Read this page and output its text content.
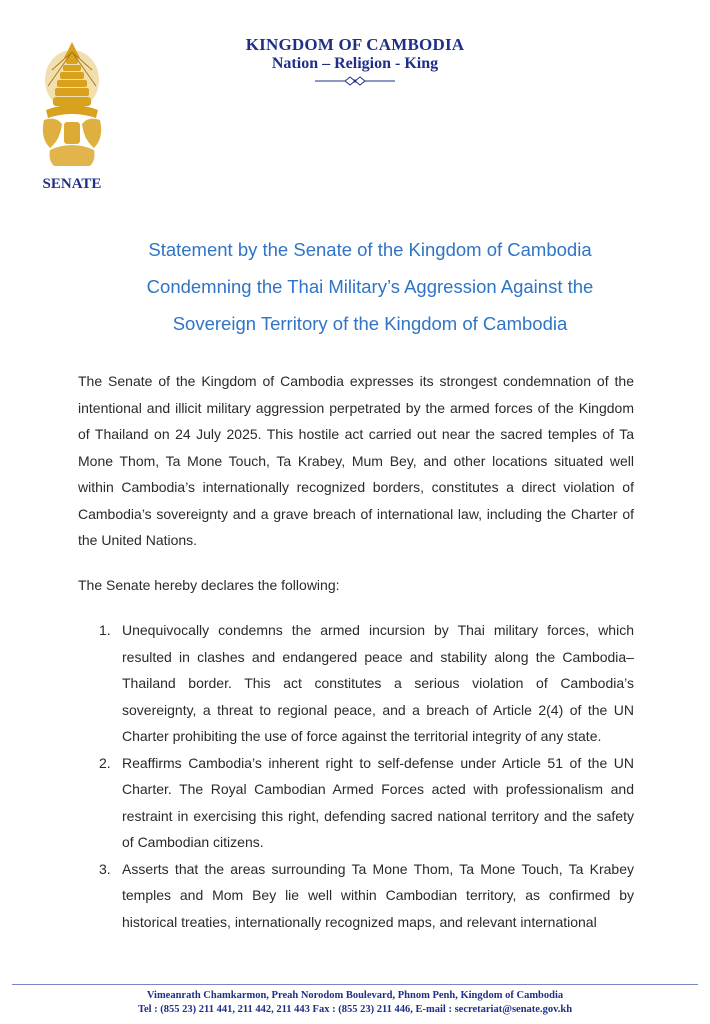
SENATE
KINGDOM OF CAMBODIA
Nation – Religion - King
Statement by the Senate of the Kingdom of Cambodia
Condemning the Thai Military’s Aggression Against the
Sovereign Territory of the Kingdom of Cambodia

The Senate of the Kingdom of Cambodia expresses its strongest condemnation of the intentional and illicit military aggression perpetrated by the armed forces of the Kingdom of Thailand on 24 July 2025. This hostile act carried out near the sacred temples of Ta Mone Thom, Ta Mone Touch, Ta Krabey, Mum Bey, and other locations situated well within Cambodia’s internationally recognized borders, constitutes a direct violation of Cambodia’s sovereignty and a grave breach of international law, including the Charter of the United Nations.

The Senate hereby declares the following:

1. Unequivocally condemns the armed incursion by Thai military forces, which resulted in clashes and endangered peace and stability along the Cambodia–Thailand border. This act constitutes a serious violation of Cambodia’s sovereignty, a threat to regional peace, and a breach of Article 2(4) of the UN Charter prohibiting the use of force against the territorial integrity of any state.
2. Reaffirms Cambodia’s inherent right to self-defense under Article 51 of the UN Charter. The Royal Cambodian Armed Forces acted with professionalism and restraint in exercising this right, defending sacred national territory and the safety of Cambodian citizens.
3. Asserts that the areas surrounding Ta Mone Thom, Ta Mone Touch, Ta Krabey temples and Mom Bey lie well within Cambodian territory, as confirmed by historical treaties, internationally recognized maps, and relevant international
Vimeanrath Chamkarmon, Preah Norodom Boulevard, Phnom Penh, Kingdom of Cambodia
Tel : (855 23) 211 441, 211 442, 211 443 Fax : (855 23) 211 446, E-mail : secretariat@senate.gov.kh
